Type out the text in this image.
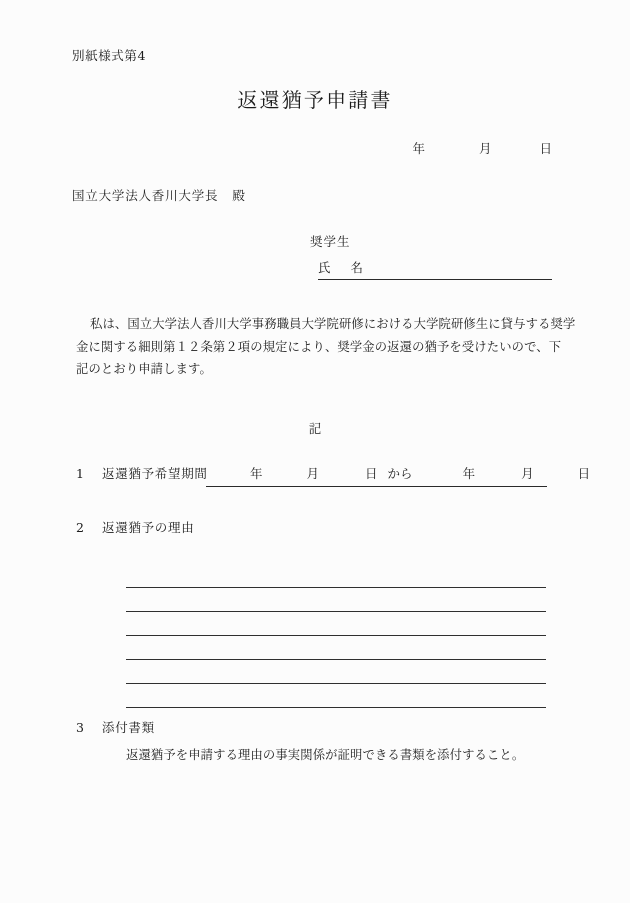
別紙様式第4
返還猶予申請書
年	月	日
国立大学法人香川大学長 殿
奨学生
氏 名
私は、国立大学法人香川大学事務職員大学院研修における大学院研修生に貸与する奨学
金に関する細則第１２条第２項の規定により、奨学金の返還の猶予を受けたいので、下
記のとおり申請します。
記
1 返還猶予希望期間	年	月	日 から	年	月	日
2 返還猶予の理由
3 添付書類
返還猶予を申請する理由の事実関係が証明できる書類を添付すること。
